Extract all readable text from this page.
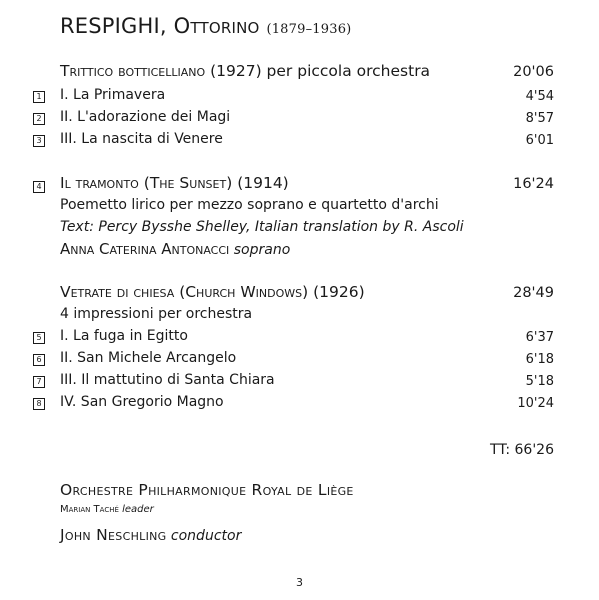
RESPIGHI, Ottorino (1879–1936)
Trittico botticelliano (1927) per piccola orchestra	20'06
1 I. La Primavera	4'54
2 II. L'adorazione dei Magi	8'57
3 III. La nascita di Venere	6'01
4 Il tramonto (The Sunset) (1914)	16'24
Poemetto lirico per mezzo soprano e quartetto d'archi
Text: Percy Bysshe Shelley, Italian translation by R. Ascoli
Anna Caterina Antonacci soprano
Vetrate di chiesa (Church Windows) (1926)	28'49
4 impressioni per orchestra
5 I. La fuga in Egitto	6'37
6 II. San Michele Arcangelo	6'18
7 III. Il mattutino di Santa Chiara	5'18
8 IV. San Gregorio Magno	10'24
TT: 66'26
Orchestre Philharmonique Royal de Liège
Marian Taché leader
John Neschling conductor
3
